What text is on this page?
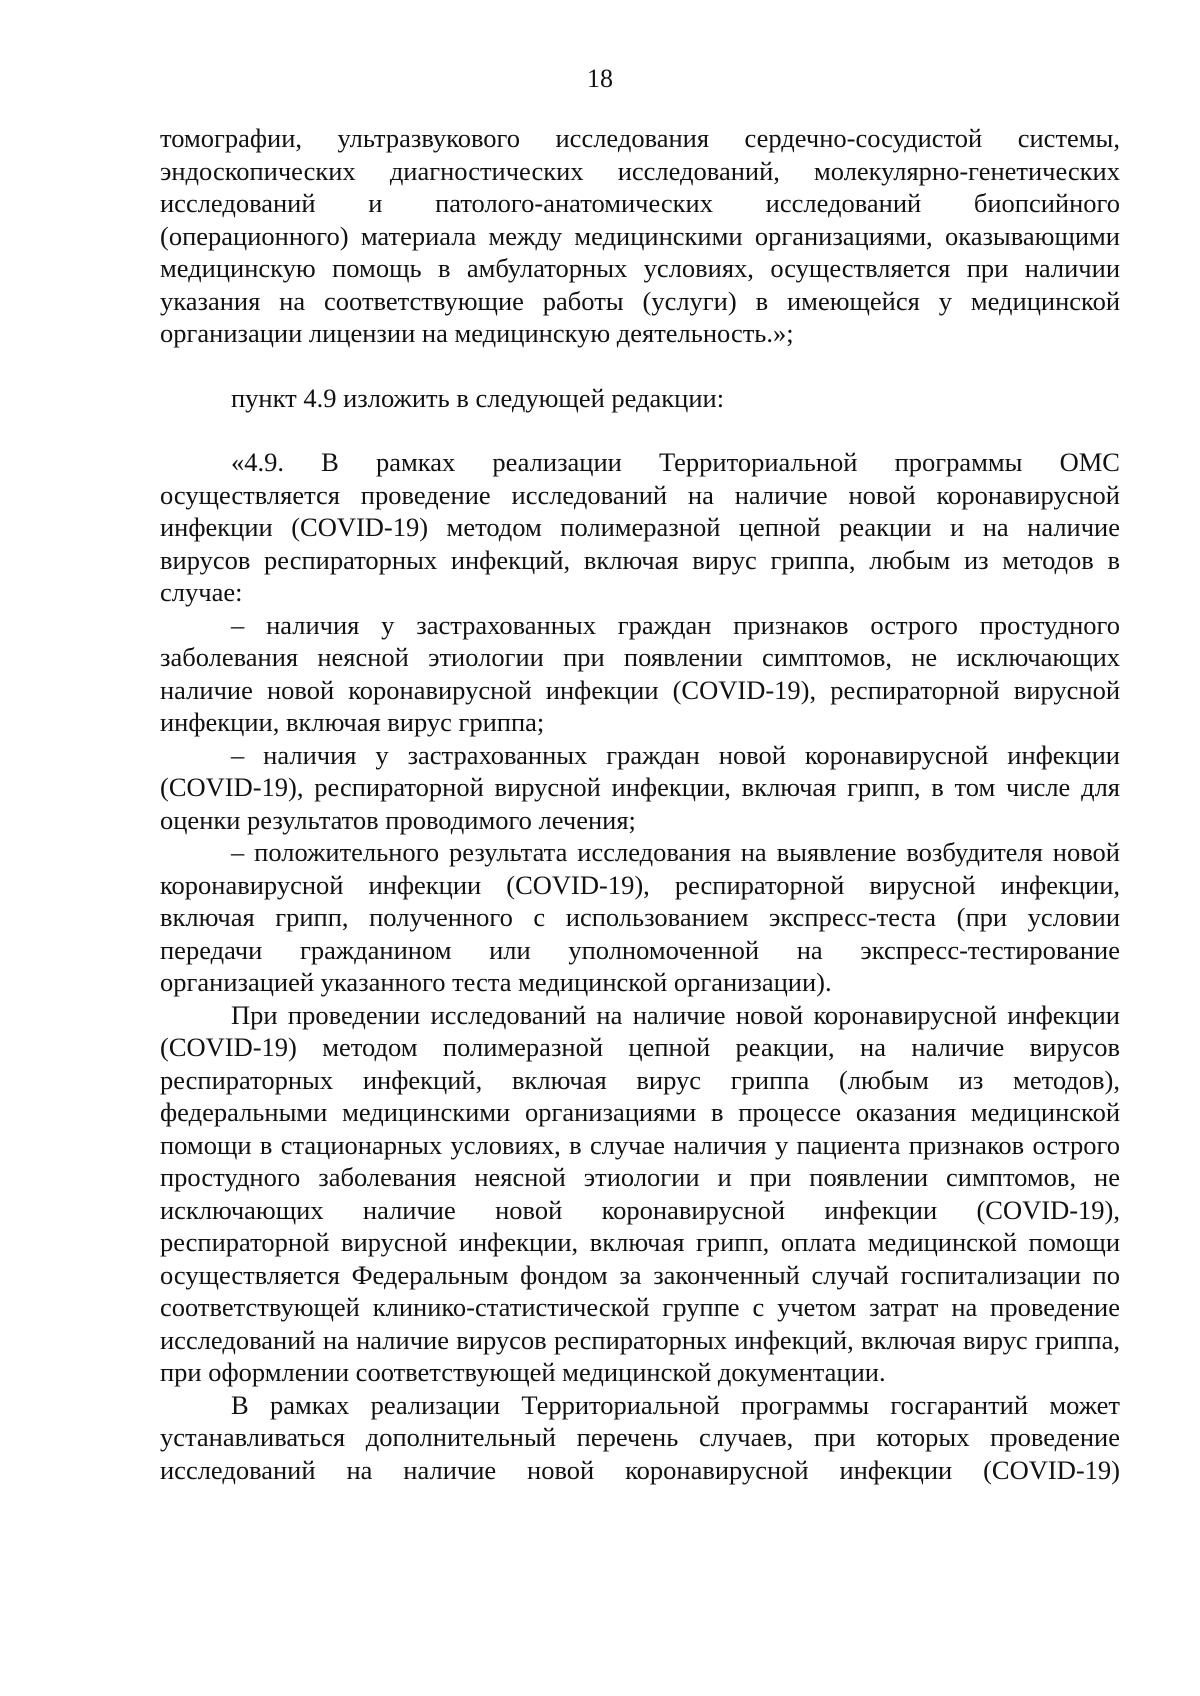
18

томографии, ультразвукового исследования сердечно-сосудистой системы, эндоскопических диагностических исследований, молекулярно-генетических исследований и патолого-анатомических исследований биопсийного (операционного) материала между медицинскими организациями, оказывающими медицинскую помощь в амбулаторных условиях, осуществляется при наличии указания на соответствующие работы (услуги) в имеющейся у медицинской организации лицензии на медицинскую деятельность.»;

пункт 4.9 изложить в следующей редакции:

«4.9. В рамках реализации Территориальной программы ОМС осуществляется проведение исследований на наличие новой коронавирусной инфекции (COVID-19) методом полимеразной цепной реакции и на наличие вирусов респираторных инфекций, включая вирус гриппа, любым из методов в случае:

– наличия у застрахованных граждан признаков острого простудного заболевания неясной этиологии при появлении симптомов, не исключающих наличие новой коронавирусной инфекции (COVID-19), респираторной вирусной инфекции, включая вирус гриппа;

– наличия у застрахованных граждан новой коронавирусной инфекции (COVID-19), респираторной вирусной инфекции, включая грипп, в том числе для оценки результатов проводимого лечения;

– положительного результата исследования на выявление возбудителя новой коронавирусной инфекции (COVID-19), респираторной вирусной инфекции, включая грипп, полученного с использованием экспресс-теста (при условии передачи гражданином или уполномоченной на экспресс-тестирование организацией указанного теста медицинской организации).

При проведении исследований на наличие новой коронавирусной инфекции (COVID-19) методом полимеразной цепной реакции, на наличие вирусов респираторных инфекций, включая вирус гриппа (любым из методов), федеральными медицинскими организациями в процессе оказания медицинской помощи в стационарных условиях, в случае наличия у пациента признаков острого простудного заболевания неясной этиологии и при появлении симптомов, не исключающих наличие новой коронавирусной инфекции (COVID-19), респираторной вирусной инфекции, включая грипп, оплата медицинской помощи осуществляется Федеральным фондом за законченный случай госпитализации по соответствующей клинико-статистической группе с учетом затрат на проведение исследований на наличие вирусов респираторных инфекций, включая вирус гриппа, при оформлении соответствующей медицинской документации.

В рамках реализации Территориальной программы госгарантий может устанавливаться дополнительный перечень случаев, при которых проведение исследований на наличие новой коронавирусной инфекции (COVID-19)
